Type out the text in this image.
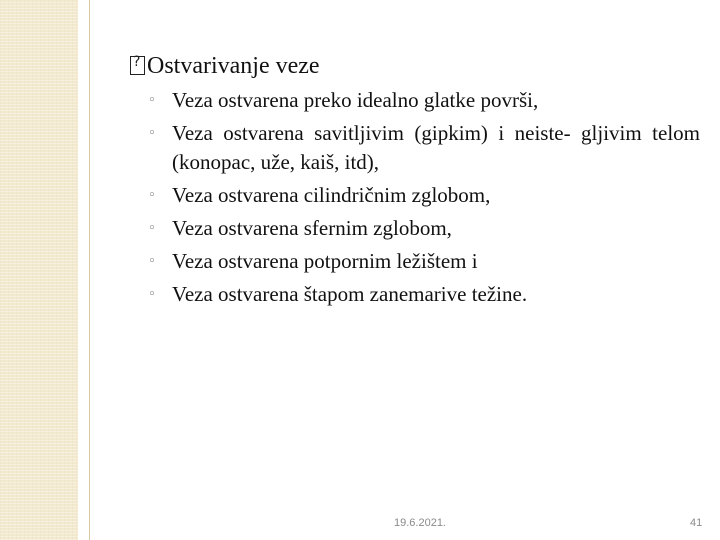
?Ostvarivanje veze
◦ Veza ostvarena preko idealno glatke površi,
◦ Veza ostvarena savitljivim (gipkim) i neiste- gljivim telom (konopac, uže, kaiš, itd),
◦ Veza ostvarena cilindričnim zglobom,
◦ Veza ostvarena sfernim zglobom,
◦ Veza ostvarena potpornim ležištem i
◦ Veza ostvarena štapom zanemarive težine.
19.6.2021.	41
